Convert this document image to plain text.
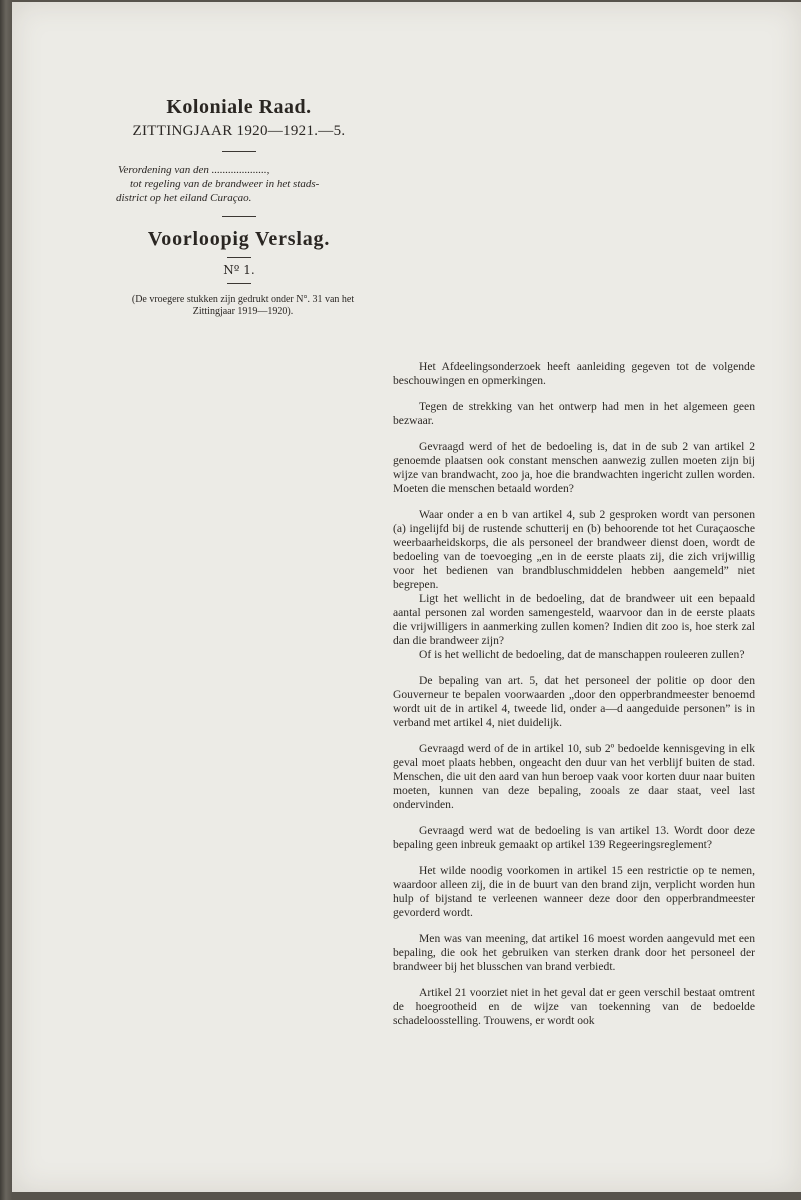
Koloniale Raad.

ZITTINGJAAR 1920—1921.—5.

Verordening van den ....................,
tot regeling van de brandweer in het stads-
district op het eiland Curaçao.

Voorloopig Verslag.

Nº 1.

(De vroegere stukken zijn gedrukt onder N°. 31 van het Zittingjaar 1919—1920).

Het Afdeelingsonderzoek heeft aanleiding gegeven tot de volgende beschouwingen en opmerkingen.

Tegen de strekking van het ontwerp had men in het algemeen geen bezwaar.

Gevraagd werd of het de bedoeling is, dat in de sub 2 van artikel 2 genoemde plaatsen ook constant menschen aanwezig zullen moeten zijn bij wijze van brandwacht, zoo ja, hoe die brandwachten ingericht zullen worden. Moeten die menschen betaald worden?

Waar onder a en b van artikel 4, sub 2 gesproken wordt van personen (a) ingelijfd bij de rustende schutterij en (b) behoorende tot het Curaçaosche weerbaarheidskorps, die als personeel der brandweer dienst doen, wordt de bedoeling van de toevoeging „en in de eerste plaats zij, die zich vrijwillig voor het bedienen van brandbluschmiddelen hebben aangemeld” niet begrepen.

Ligt het wellicht in de bedoeling, dat de brandweer uit een bepaald aantal personen zal worden samengesteld, waarvoor dan in de eerste plaats die vrijwilligers in aanmerking zullen komen? Indien dit zoo is, hoe sterk zal dan die brandweer zijn?

Of is het wellicht de bedoeling, dat de manschappen rouleeren zullen?

De bepaling van art. 5, dat het personeel der politie op door den Gouverneur te bepalen voorwaarden „door den opperbrandmeester benoemd wordt uit de in artikel 4, tweede lid, onder a—d aangeduide personen” is in verband met artikel 4, niet duidelijk.

Gevraagd werd of de in artikel 10, sub 2º bedoelde kennisgeving in elk geval moet plaats hebben, ongeacht den duur van het verblijf buiten de stad. Menschen, die uit den aard van hun beroep vaak voor korten duur naar buiten moeten, kunnen van deze bepaling, zooals ze daar staat, veel last ondervinden.

Gevraagd werd wat de bedoeling is van artikel 13. Wordt door deze bepaling geen inbreuk gemaakt op artikel 139 Regeeringsreglement?

Het wilde noodig voorkomen in artikel 15 een restrictie op te nemen, waardoor alleen zij, die in de buurt van den brand zijn, verplicht worden hun hulp of bijstand te verleenen wanneer deze door den opperbrandmeester gevorderd wordt.

Men was van meening, dat artikel 16 moest worden aangevuld met een bepaling, die ook het gebruiken van sterken drank door het personeel der brandweer bij het blusschen van brand verbiedt.

Artikel 21 voorziet niet in het geval dat er geen verschil bestaat omtrent de hoegrootheid en de wijze van toekenning van de bedoelde schadeloosstelling. Trouwens, er wordt ook
